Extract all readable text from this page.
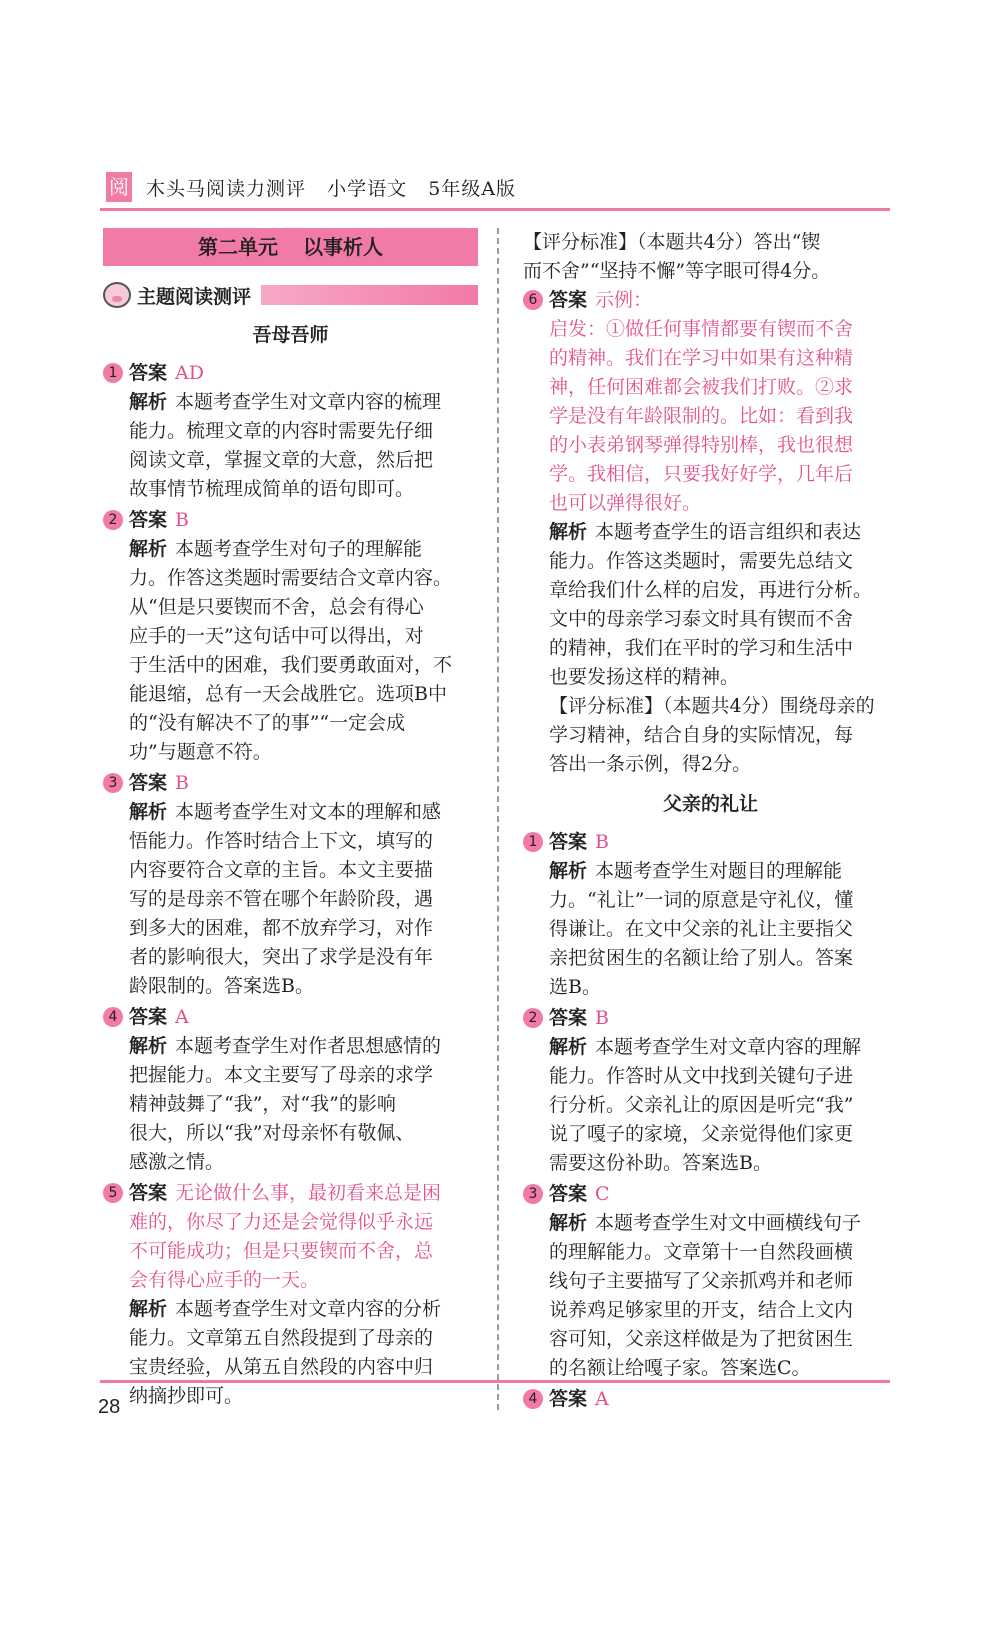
阅 木头马阅读力测评   小学语文   5年级A版
第二单元 以事析人
主题阅读测评
吾母吾师
1 答案 AD
解析 本题考查学生对文章内容的梳理
能力。梳理文章的内容时需要先仔细
阅读文章，掌握文章的大意，然后把
故事情节梳理成简单的语句即可。
2 答案 B
解析 本题考查学生对句子的理解能
力。作答这类题时需要结合文章内容。
从“但是只要锲而不舍，总会有得心
应手的一天”这句话中可以得出，对
于生活中的困难，我们要勇敢面对，不
能退缩，总有一天会战胜它。选项B中
的“没有解决不了的事”“一定会成
功”与题意不符。
3 答案 B
解析 本题考查学生对文本的理解和感
悟能力。作答时结合上下文，填写的
内容要符合文章的主旨。本文主要描
写的是母亲不管在哪个年龄阶段，遇
到多大的困难，都不放弃学习，对作
者的影响很大，突出了求学是没有年
龄限制的。答案选B。
4 答案 A
解析 本题考查学生对作者思想感情的
把握能力。本文主要写了母亲的求学
精神鼓舞了“我”，对“我”的影响
很大，所以“我”对母亲怀有敬佩、
感激之情。
5 答案 无论做什么事，最初看来总是困
难的，你尽了力还是会觉得似乎永远
不可能成功；但是只要锲而不舍，总
会有得心应手的一天。
解析 本题考查学生对文章内容的分析
能力。文章第五自然段提到了母亲的
宝贵经验，从第五自然段的内容中归
纳摘抄即可。
【评分标准】（本题共4分）答出“锲
而不舍”“坚持不懈”等字眼可得4分。
6 答案 示例：
启发：①做任何事情都要有锲而不舍
的精神。我们在学习中如果有这种精
神，任何困难都会被我们打败。②求
学是没有年龄限制的。比如：看到我
的小表弟钢琴弹得特别棒，我也很想
学。我相信，只要我好好学，几年后
也可以弹得很好。
解析 本题考查学生的语言组织和表达
能力。作答这类题时，需要先总结文
章给我们什么样的启发，再进行分析。
文中的母亲学习泰文时具有锲而不舍
的精神，我们在平时的学习和生活中
也要发扬这样的精神。
【评分标准】（本题共4分）围绕母亲的
学习精神，结合自身的实际情况，每
答出一条示例，得2分。
父亲的礼让
1 答案 B
解析 本题考查学生对题目的理解能
力。“礼让”一词的原意是守礼仪，懂
得谦让。在文中父亲的礼让主要指父
亲把贫困生的名额让给了别人。答案
选B。
2 答案 B
解析 本题考查学生对文章内容的理解
能力。作答时从文中找到关键句子进
行分析。父亲礼让的原因是听完“我”
说了嘎子的家境，父亲觉得他们家更
需要这份补助。答案选B。
3 答案 C
解析 本题考查学生对文中画横线句子
的理解能力。文章第十一自然段画横
线句子主要描写了父亲抓鸡并和老师
说养鸡足够家里的开支，结合上文内
容可知，父亲这样做是为了把贫困生
的名额让给嘎子家。答案选C。
4 答案 A
28
